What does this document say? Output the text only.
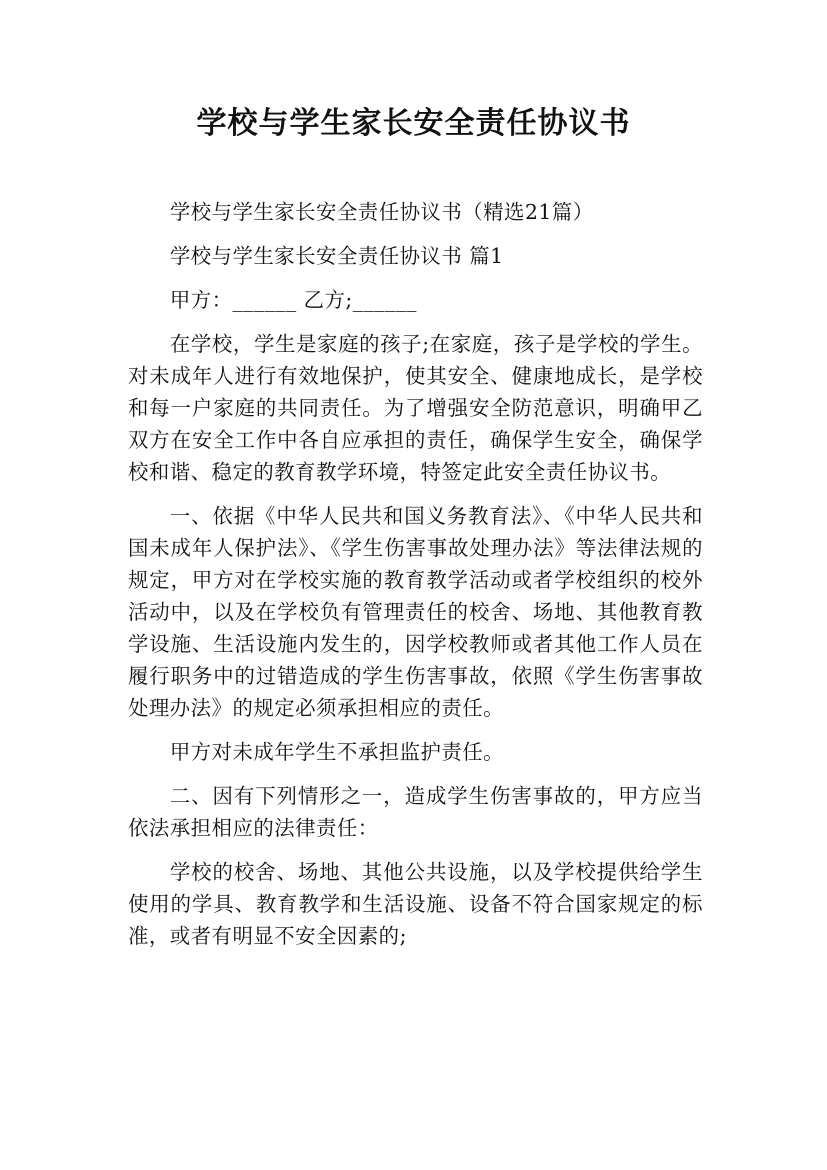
学校与学生家长安全责任协议书

学校与学生家长安全责任协议书（精选21篇）

学校与学生家长安全责任协议书 篇1

甲方：______ 乙方;______

在学校，学生是家庭的孩子;在家庭，孩子是学校的学生。对未成年人进行有效地保护，使其安全、健康地成长，是学校和每一户家庭的共同责任。为了增强安全防范意识，明确甲乙双方在安全工作中各自应承担的责任，确保学生安全，确保学校和谐、稳定的教育教学环境，特签定此安全责任协议书。

一、依据《中华人民共和国义务教育法》、《中华人民共和国未成年人保护法》、《学生伤害事故处理办法》等法律法规的规定，甲方对在学校实施的教育教学活动或者学校组织的校外活动中，以及在学校负有管理责任的校舍、场地、其他教育教学设施、生活设施内发生的，因学校教师或者其他工作人员在履行职务中的过错造成的学生伤害事故，依照《学生伤害事故处理办法》的规定必须承担相应的责任。

甲方对未成年学生不承担监护责任。

二、因有下列情形之一，造成学生伤害事故的，甲方应当依法承担相应的法律责任：

学校的校舍、场地、其他公共设施，以及学校提供给学生使用的学具、教育教学和生活设施、设备不符合国家规定的标准，或者有明显不安全因素的;
